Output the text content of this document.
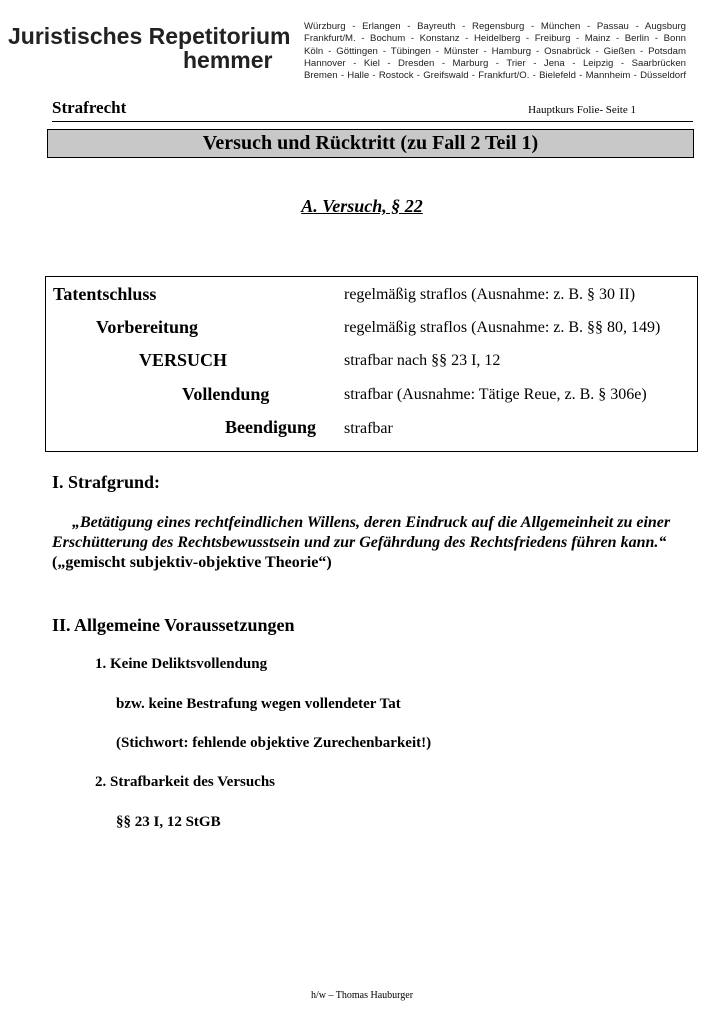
Juristisches Repetitorium
hemmer
Würzburg - Erlangen - Bayreuth - Regensburg - München - Passau - Augsburg
Frankfurt/M. - Bochum - Konstanz - Heidelberg - Freiburg - Mainz - Berlin - Bonn
Köln - Göttingen - Tübingen - Münster - Hamburg - Osnabrück - Gießen - Potsdam
Hannover - Kiel - Dresden - Marburg - Trier - Jena - Leipzig - Saarbrücken
Bremen - Halle - Rostock - Greifswald - Frankfurt/O. - Bielefeld - Mannheim - Düsseldorf
Strafrecht	Hauptkurs Folie- Seite 1
Versuch und Rücktritt (zu Fall 2 Teil 1)
A. Versuch, § 22
Tatentschluss	regelmäßig straflos (Ausnahme: z. B. § 30 II)
Vorbereitung	regelmäßig straflos (Ausnahme: z. B. §§ 80, 149)
VERSUCH	strafbar nach §§ 23 I, 12
Vollendung	strafbar (Ausnahme: Tätige Reue, z. B. § 306e)
Beendigung strafbar
I. Strafgrund:
„Betätigung eines rechtfeindlichen Willens, deren Eindruck auf die Allgemeinheit zu einer Erschütterung des Rechtsbewusstsein und zur Gefährdung des Rechtsfriedens führen kann.“ („gemischt subjektiv-objektive Theorie“)
II. Allgemeine Voraussetzungen
1. Keine Deliktsvollendung
bzw. keine Bestrafung wegen vollendeter Tat
(Stichwort: fehlende objektive Zurechenbarkeit!)
2. Strafbarkeit des Versuchs
§§ 23 I, 12 StGB
h/w – Thomas Hauburger
